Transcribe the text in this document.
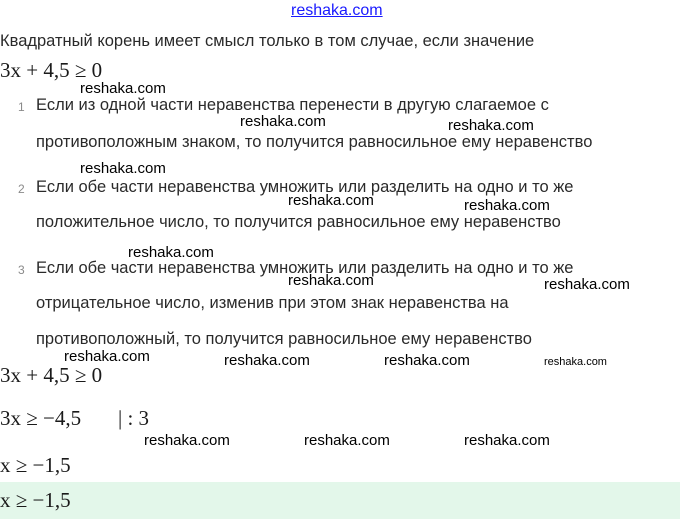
reshaka.com
Квадратный корень имеет смысл только в том случае, если значение
3x + 4,5 ≥ 0
1 Если из одной части неравенства перенести в другую слагаемое с
противоположным знаком, то получится равносильное ему неравенство
2 Если обе части неравенства умножить или разделить на одно и то же
положительное число, то получится равносильное ему неравенство
3 Если обе части неравенства умножить или разделить на одно и то же
отрицательное число, изменив при этом знак неравенства на
противоположный, то получится равносильное ему неравенство
3x + 4,5 ≥ 0
3x ≥ −4,5 | : 3
x ≥ −1,5
x ≥ −1,5
reshaka.com
reshaka.com	reshaka.com
reshaka.com
reshaka.com	reshaka.com
reshaka.com
reshaka.com	reshaka.com
reshaka.com	reshaka.com	reshaka.com	reshaka.com
reshaka.com	reshaka.com	reshaka.com
